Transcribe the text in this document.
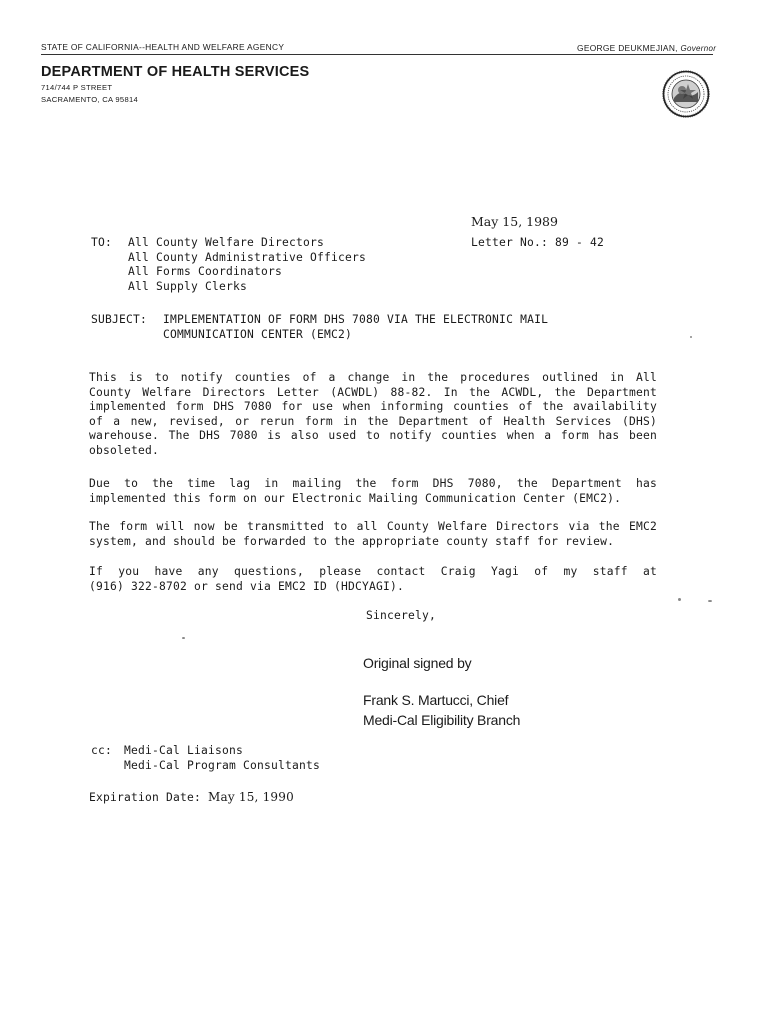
STATE OF CALIFORNIA--HEALTH AND WELFARE AGENCY	GEORGE DEUKMEJIAN, Governor
DEPARTMENT OF HEALTH SERVICES
714/744 P STREET
SACRAMENTO, CA 95814
May 15, 1989
Letter No.: 89 - 42
TO: All County Welfare Directors
All County Administrative Officers
All Forms Coordinators
All Supply Clerks
SUBJECT: IMPLEMENTATION OF FORM DHS 7080 VIA THE ELECTRONIC MAIL
COMMUNICATION CENTER (EMC2)
This is to notify counties of a change in the procedures outlined in All
County Welfare Directors Letter (ACWDL) 88-82. In the ACWDL, the Department
implemented form DHS 7080 for use when informing counties of the availability
of a new, revised, or rerun form in the Department of Health Services (DHS)
warehouse. The DHS 7080 is also used to notify counties when a form has been
obsoleted.
Due to the time lag in mailing the form DHS 7080, the Department has
implemented this form on our Electronic Mailing Communication Center (EMC2).
The form will now be transmitted to all County Welfare Directors via the EMC2
system, and should be forwarded to the appropriate county staff for review.
If you have any questions, please contact Craig Yagi of my staff at
(916) 322-8702 or send via EMC2 ID (HDCYAGI).
Sincerely,
Original signed by
Frank S. Martucci, Chief
Medi-Cal Eligibility Branch
cc: Medi-Cal Liaisons
Medi-Cal Program Consultants
Expiration Date: May 15, 1990
